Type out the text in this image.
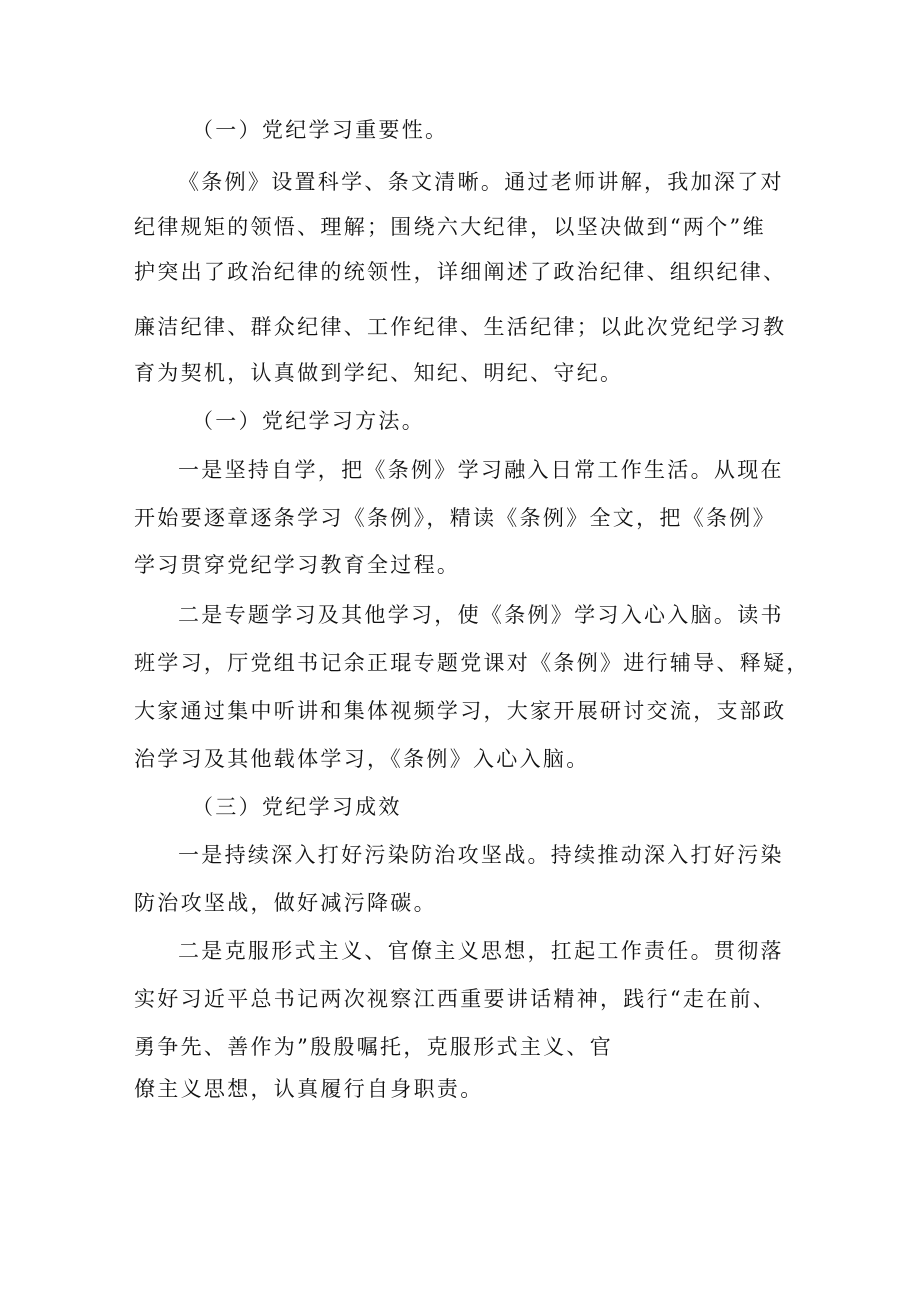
（一）党纪学习重要性。
《条例》设置科学、条文清晰。通过老师讲解，我加深了对
纪律规矩的领悟、理解；围绕六大纪律，以坚决做到“两个”维
护突出了政治纪律的统领性，详细阐述了政治纪律、组织纪律、
廉洁纪律、群众纪律、工作纪律、生活纪律；以此次党纪学习教
育为契机，认真做到学纪、知纪、明纪、守纪。
（一）党纪学习方法。
一是坚持自学，把《条例》学习融入日常工作生活。从现在
开始要逐章逐条学习《条例》，精读《条例》全文，把《条例》
学习贯穿党纪学习教育全过程。
二是专题学习及其他学习，使《条例》学习入心入脑。读书
班学习，厅党组书记余正琨专题党课对《条例》进行辅导、释疑，
大家通过集中听讲和集体视频学习，大家开展研讨交流，支部政
治学习及其他载体学习，《条例》入心入脑。
（三）党纪学习成效
一是持续深入打好污染防治攻坚战。持续推动深入打好污染
防治攻坚战，做好减污降碳。
二是克服形式主义、官僚主义思想，扛起工作责任。贯彻落
实好习近平总书记两次视察江西重要讲话精神，践行“走在前、
勇争先、善作为”殷殷嘱托，克服形式主义、官
僚主义思想，认真履行自身职责。
